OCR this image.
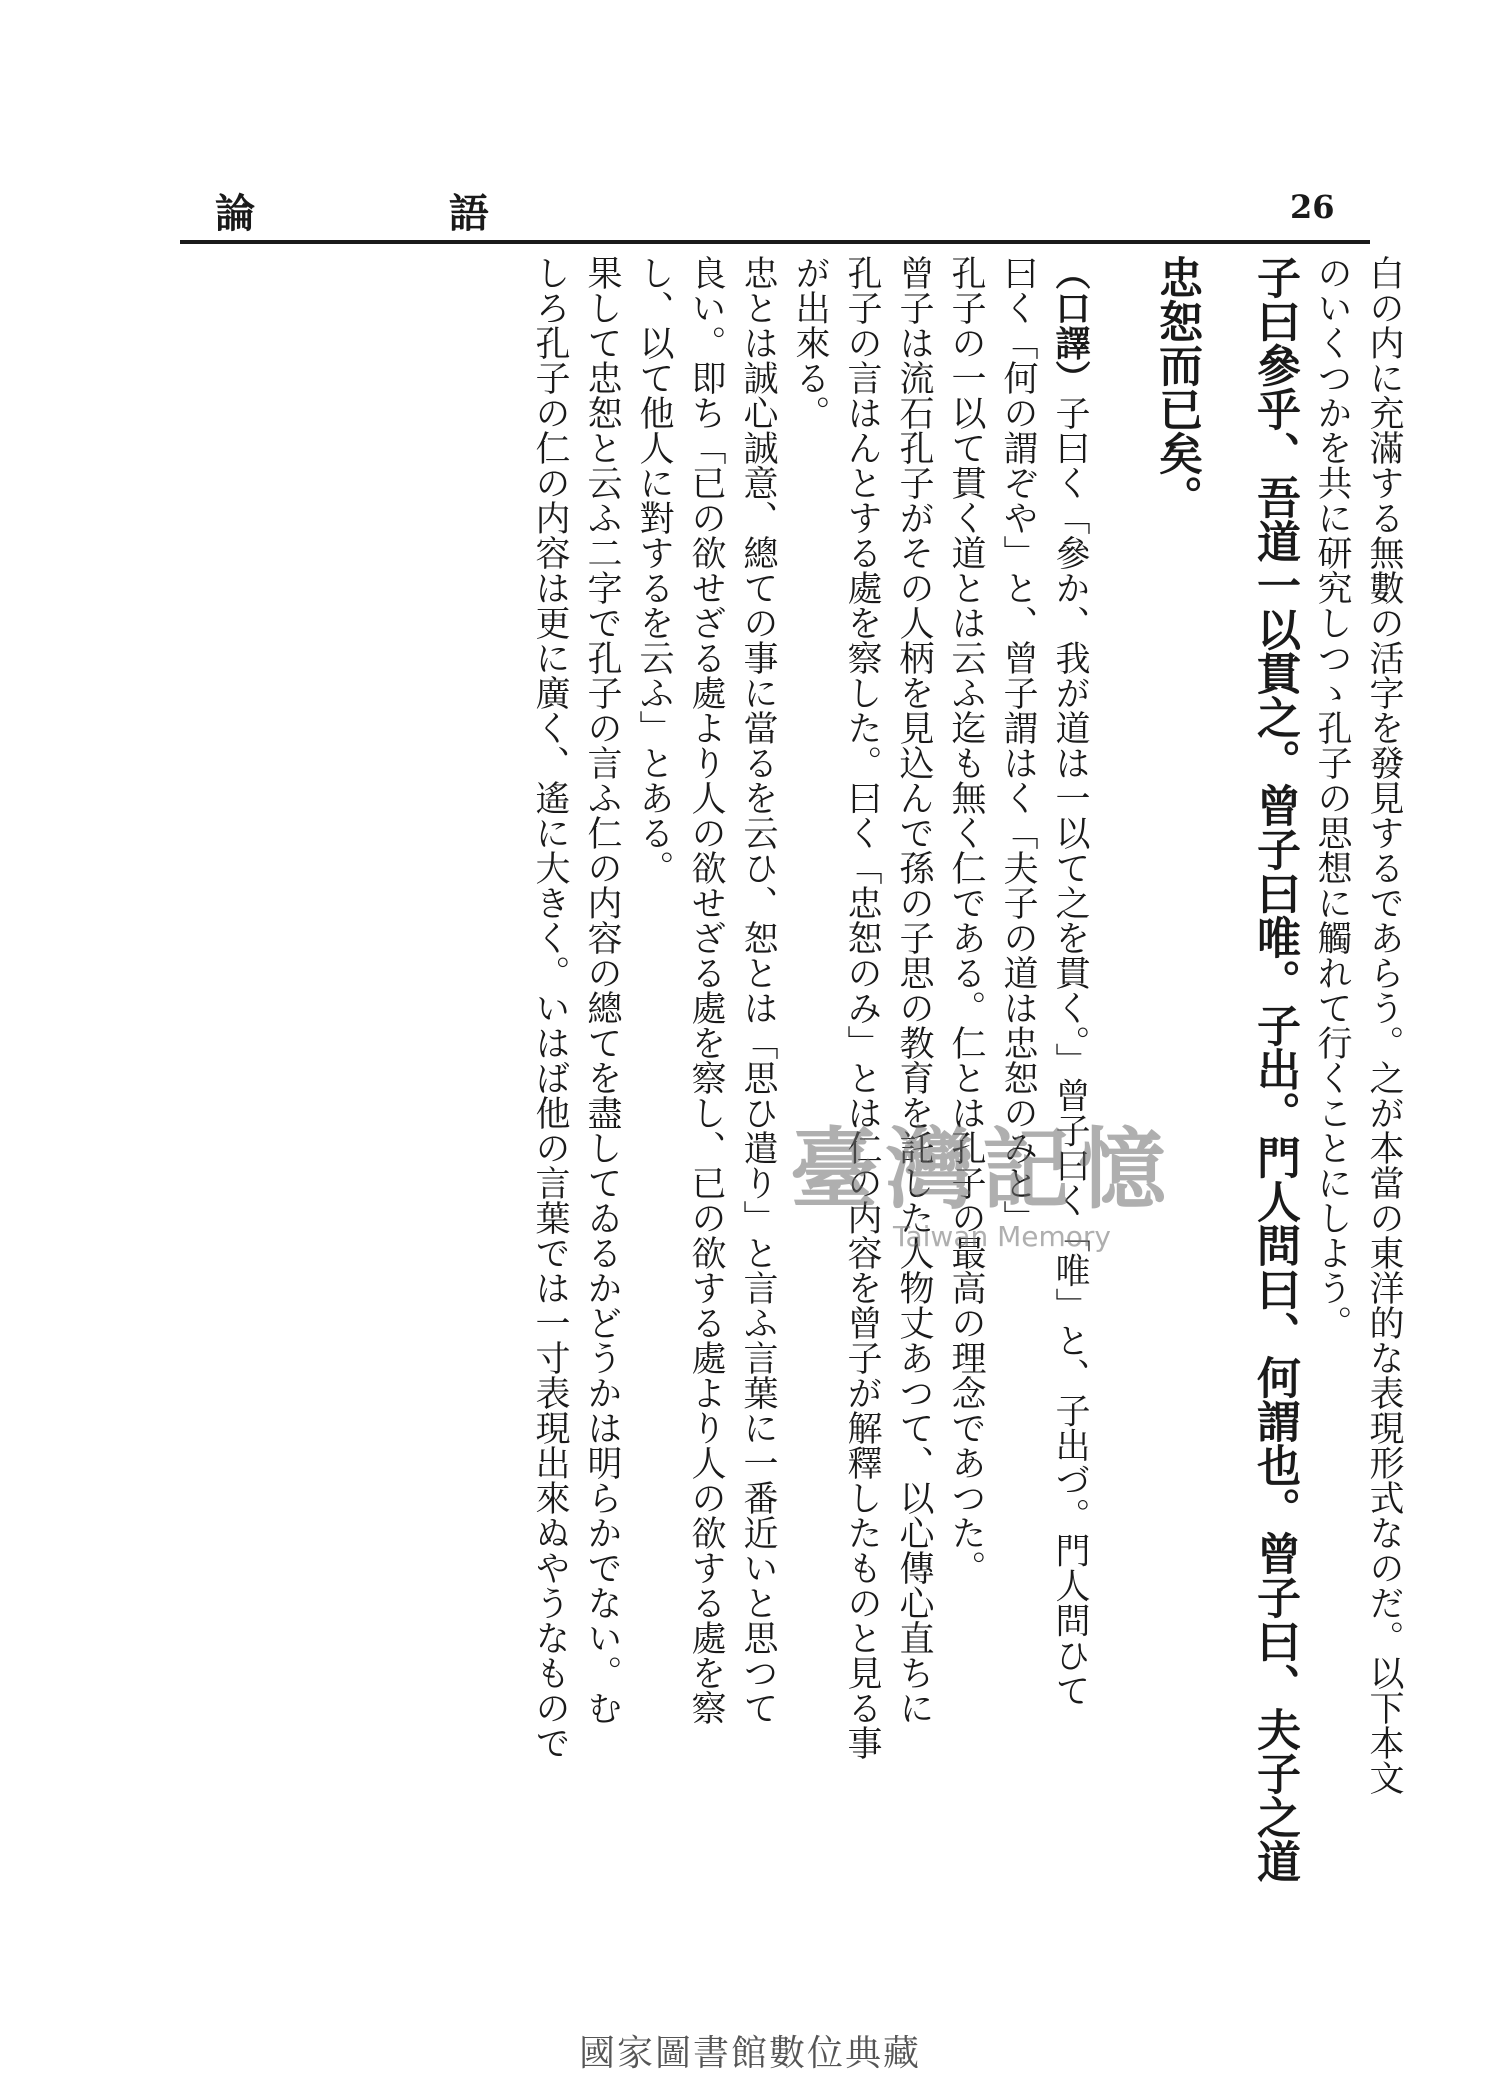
論 語	26
白の内に充滿する無數の活字を發見するであらう。之が本當の東洋的な表現形式なのだ。以下本文
のいくつかを共に研究しつゝ孔子の思想に觸れて行くことにしよう。
子曰參乎、吾道一以貫之。曾子曰唯。子出。門人問曰、何謂也。曾子曰、夫子之道
忠恕而已矣。
（口譯）子曰く「參か、我が道は一以て之を貫く。」曾子曰く「唯」と、子出づ。門人問ひて
曰く「何の謂ぞや」と、曾子謂はく「夫子の道は忠恕のみと」
孔子の一以て貫く道とは云ふ迄も無く仁である。仁とは孔子の最高の理念であつた。
曾子は流石孔子がその人柄を見込んで孫の子思の教育を託した人物丈あつて、以心傳心直ちに
孔子の言はんとする處を察した。曰く「忠恕のみ」とは仁の内容を曾子が解釋したものと見る事
が出來る。
忠とは誠心誠意、總ての事に當るを云ひ、恕とは「思ひ遣り」と言ふ言葉に一番近いと思つて
良い。即ち「已の欲せざる處より人の欲せざる處を察し、已の欲する處より人の欲する處を察
し、以て他人に對するを云ふ」とある。
果して忠恕と云ふ二字で孔子の言ふ仁の内容の總てを盡してゐるかどうかは明らかでない。む
しろ孔子の仁の内容は更に廣く、遙に大きく。いはば他の言葉では一寸表現出來ぬやうなもので	臺灣記憶
Taiwan Memory
國家圖書館數位典藏
